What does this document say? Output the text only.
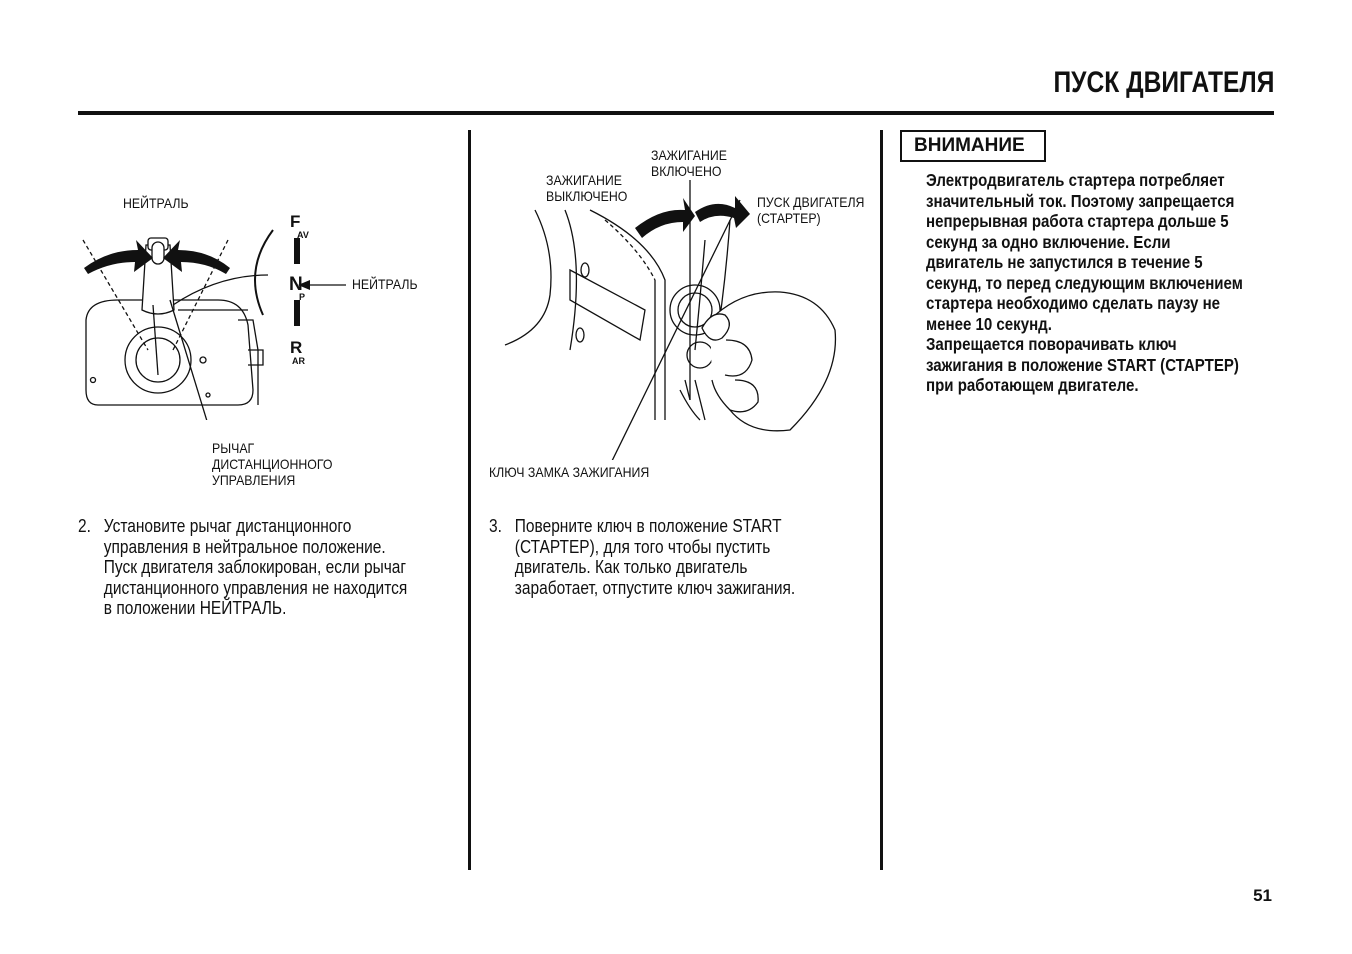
ПУСК ДВИГАТЕЛЯ
НЕЙТРАЛЬ
НЕЙТРАЛЬ
РЫЧАГ
ДИСТАНЦИОННОГО
УПРАВЛЕНИЯ
F
AV
N
P
R
AR
ЗАЖИГАНИЕ
ВЫКЛЮЧЕНО
ЗАЖИГАНИЕ
ВКЛЮЧЕНО
ПУСК ДВИГАТЕЛЯ
(СТАРТЕР)
КЛЮЧ ЗАМКА ЗАЖИГАНИЯ
2. Установите рычаг дистанционного
управления в нейтральное положение.
Пуск двигателя заблокирован, если рычаг
дистанционного управления не находится
в положении НЕЙТРАЛЬ.
3. Поверните ключ в положение START
(СТАРТЕР), для того чтобы пустить
двигатель. Как только двигатель
заработает, отпустите ключ зажигания.
ВНИМАНИЕ
Электродвигатель стартера потребляет
значительный ток. Поэтому запрещается
непрерывная работа стартера дольше 5
секунд за одно включение. Если
двигатель не запустился в течение 5
секунд, то перед следующим включением
стартера необходимо сделать паузу не
менее 10 секунд.
Запрещается поворачивать ключ
зажигания в положение START (СТАРТЕР)
при работающем двигателе.
51
